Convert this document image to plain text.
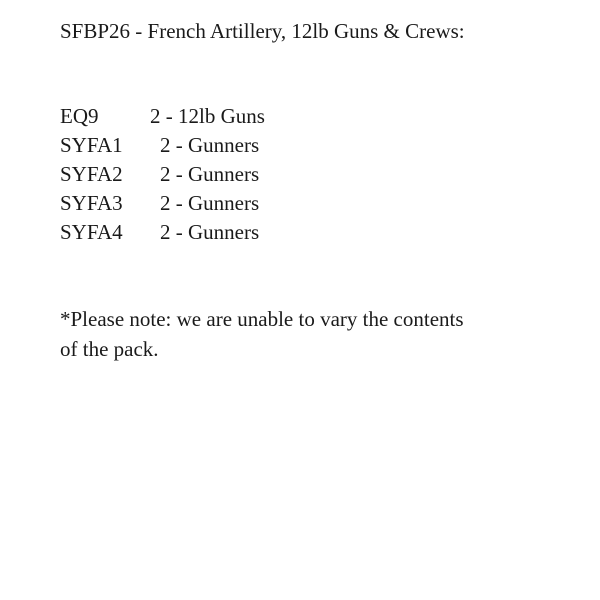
SFBP26 - French Artillery, 12lb Guns & Crews:
EQ9	2 - 12lb Guns
SYFA1	2 - Gunners
SYFA2	2 - Gunners
SYFA3	2 - Gunners
SYFA4	2 - Gunners

*Please note: we are unable to vary the contents of the pack.
